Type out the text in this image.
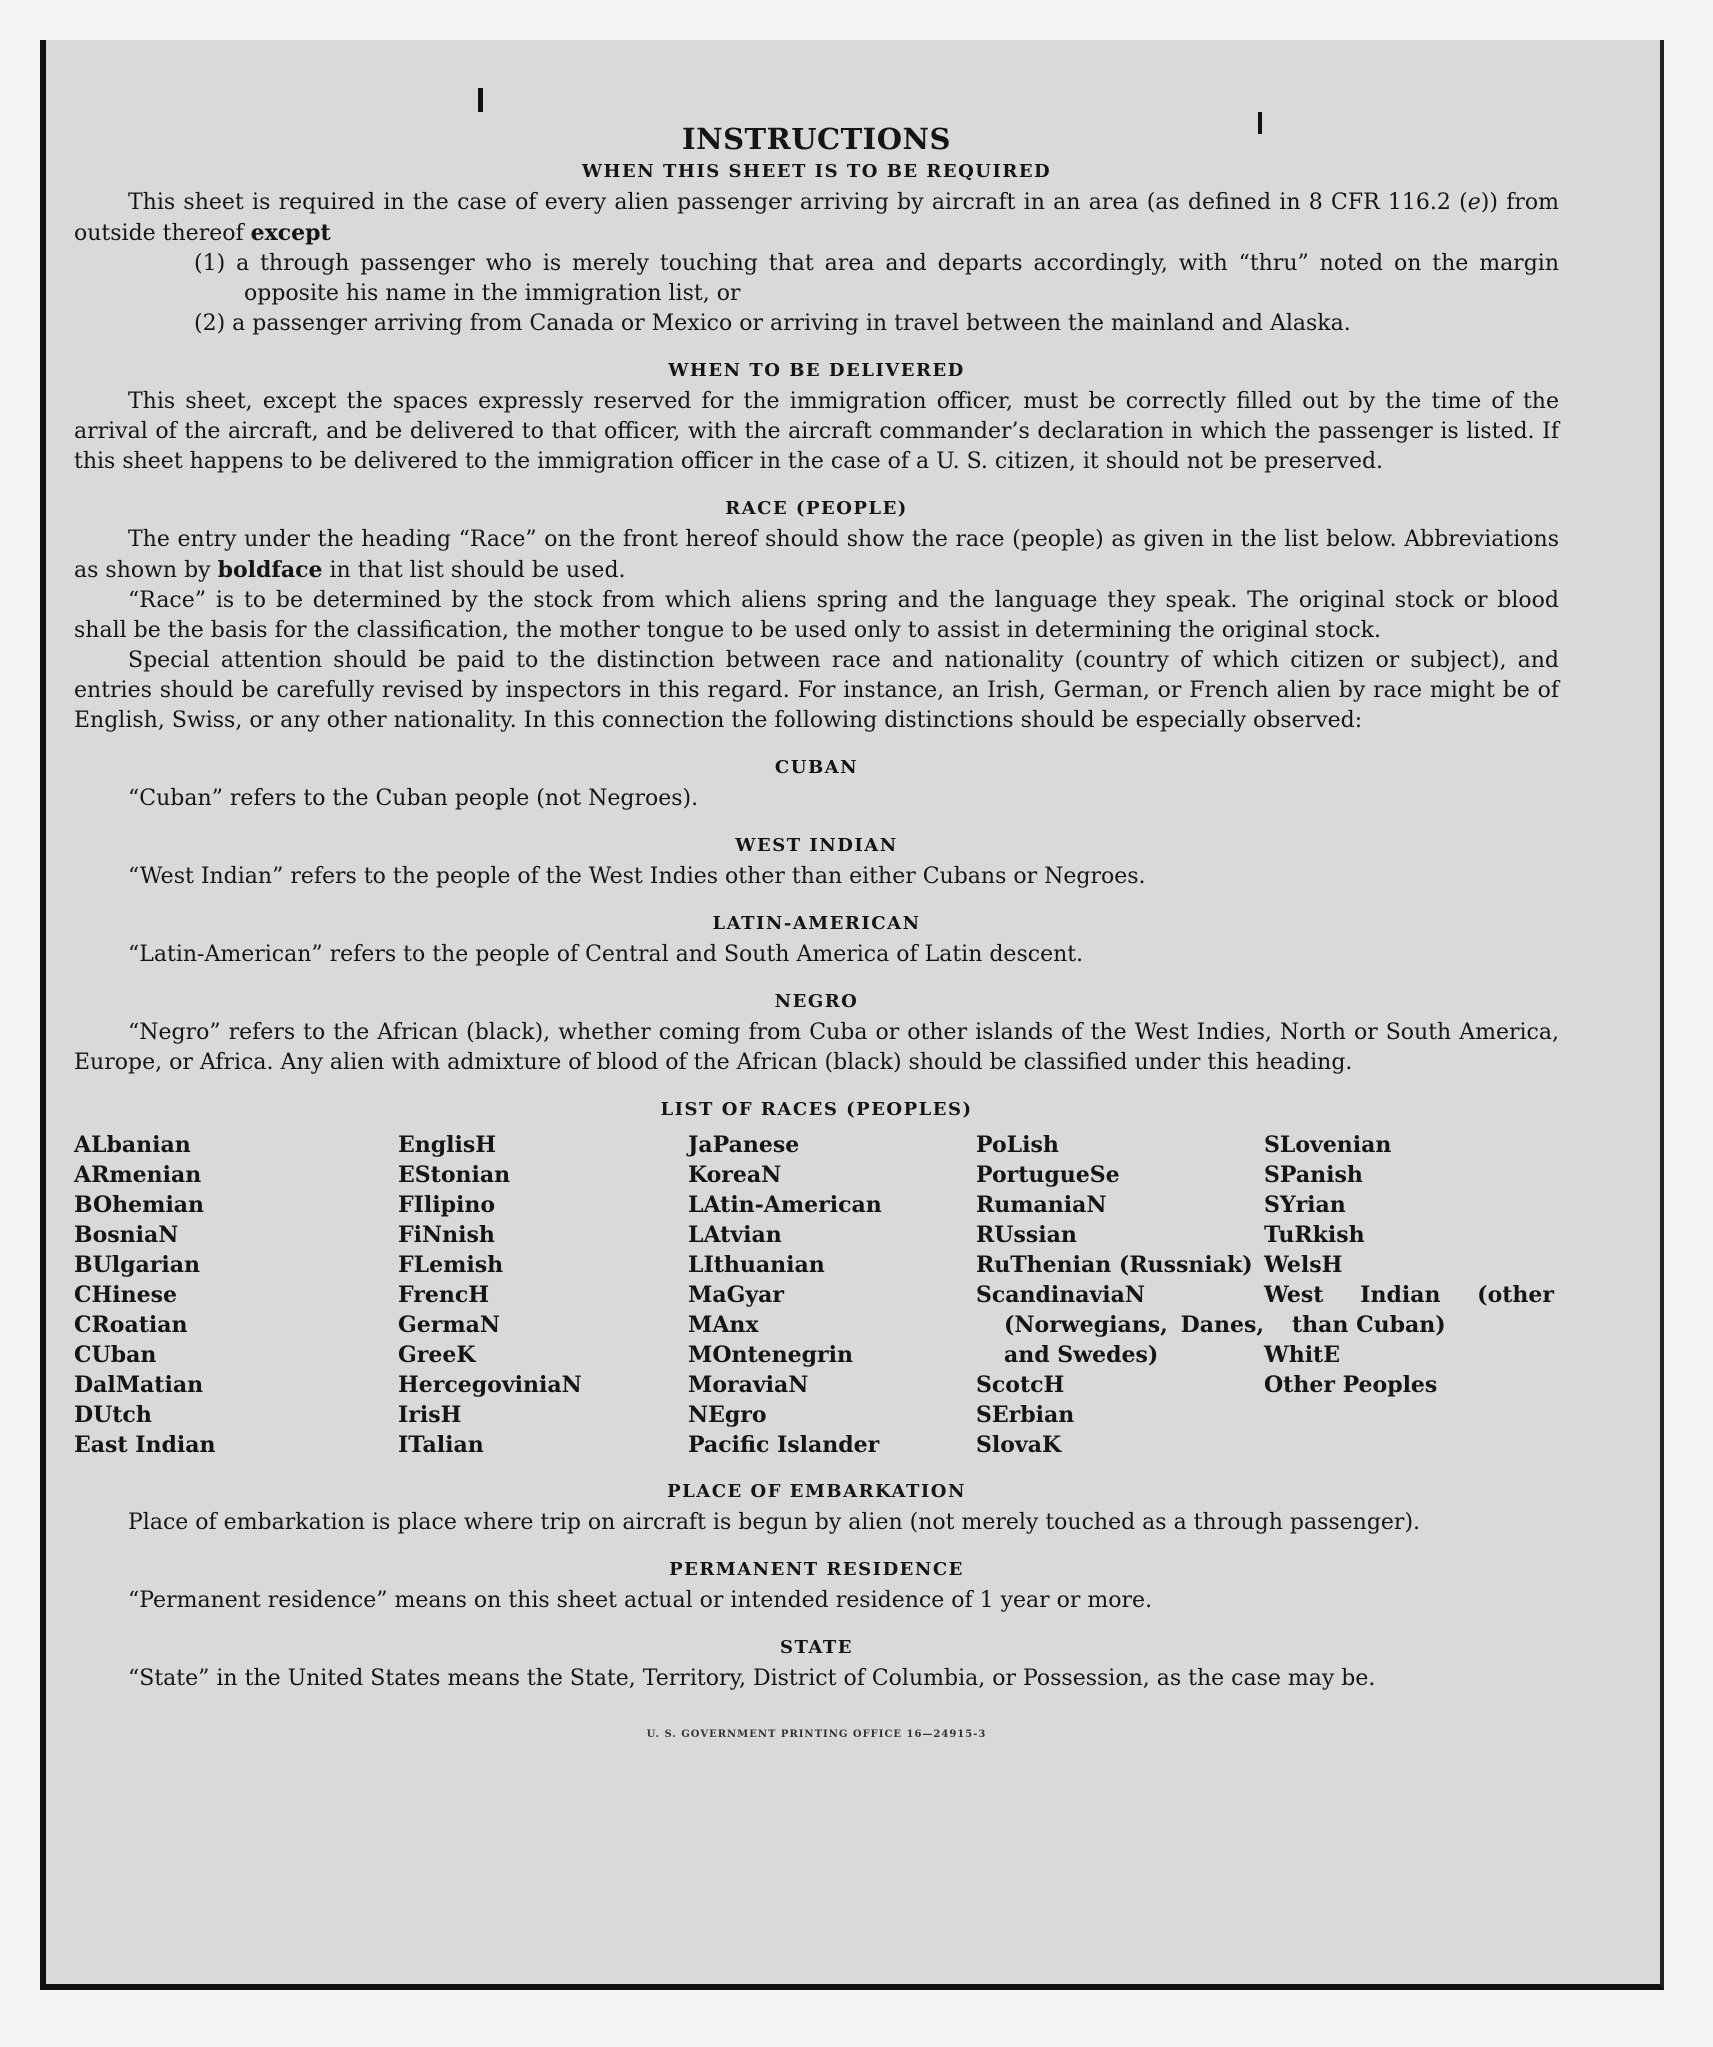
INSTRUCTIONS
WHEN THIS SHEET IS TO BE REQUIRED

This sheet is required in the case of every alien passenger arriving by aircraft in an area (as defined in 8 CFR 116.2 (e)) from outside thereof except

(1) a through passenger who is merely touching that area and departs accordingly, with “thru” noted on the margin opposite his name in the immigration list, or

(2) a passenger arriving from Canada or Mexico or arriving in travel between the mainland and Alaska.

WHEN TO BE DELIVERED

This sheet, except the spaces expressly reserved for the immigration officer, must be correctly filled out by the time of the arrival of the aircraft, and be delivered to that officer, with the aircraft commander’s declaration in which the passenger is listed. If this sheet happens to be delivered to the immigration officer in the case of a U. S. citizen, it should not be preserved.

RACE (PEOPLE)

The entry under the heading “Race” on the front hereof should show the race (people) as given in the list below. Abbreviations as shown by boldface in that list should be used.

“Race” is to be determined by the stock from which aliens spring and the language they speak. The original stock or blood shall be the basis for the classification, the mother tongue to be used only to assist in determining the original stock.

Special attention should be paid to the distinction between race and nationality (country of which citizen or subject), and entries should be carefully revised by inspectors in this regard. For instance, an Irish, German, or French alien by race might be of English, Swiss, or any other nationality. In this connection the following distinctions should be especially observed:

CUBAN

“Cuban” refers to the Cuban people (not Negroes).

WEST INDIAN

“West Indian” refers to the people of the West Indies other than either Cubans or Negroes.

LATIN-AMERICAN

“Latin-American” refers to the people of Central and South America of Latin descent.

NEGRO

“Negro” refers to the African (black), whether coming from Cuba or other islands of the West Indies, North or South America, Europe, or Africa. Any alien with admixture of blood of the African (black) should be classified under this heading.

LIST OF RACES (PEOPLES)
ALbanian
ARmenian
BOhemian
BosniaN
BUlgarian
CHinese
CRoatian
CUban
DalMatian
DUtch
East Indian
EnglisH
EStonian
FIlipino
FiNnish
FLemish
FrencH
GermaN
GreeK
HercegoviniaN
IrisH
ITalian
JaPanese
KoreaN
LAtin-American
LAtvian
LIthuanian
MaGyar
MAnx
MOntenegrin
MoraviaN
NEgro
Pacific Islander
PoLish
PortugueSe
RumaniaN
RUssian
RuThenian (Russniak)
ScandinaviaN (Norwegians, Danes, and Swedes)
ScotcH
SErbian
SlovaK
SLovenian
SPanish
SYrian
TuRkish
WelsH
West Indian (other than Cuban)
WhitE
Other Peoples
PLACE OF EMBARKATION

Place of embarkation is place where trip on aircraft is begun by alien (not merely touched as a through passenger).

PERMANENT RESIDENCE

“Permanent residence” means on this sheet actual or intended residence of 1 year or more.

STATE

“State” in the United States means the State, Territory, District of Columbia, or Possession, as the case may be.

U. S. GOVERNMENT PRINTING OFFICE 16—24915-3
